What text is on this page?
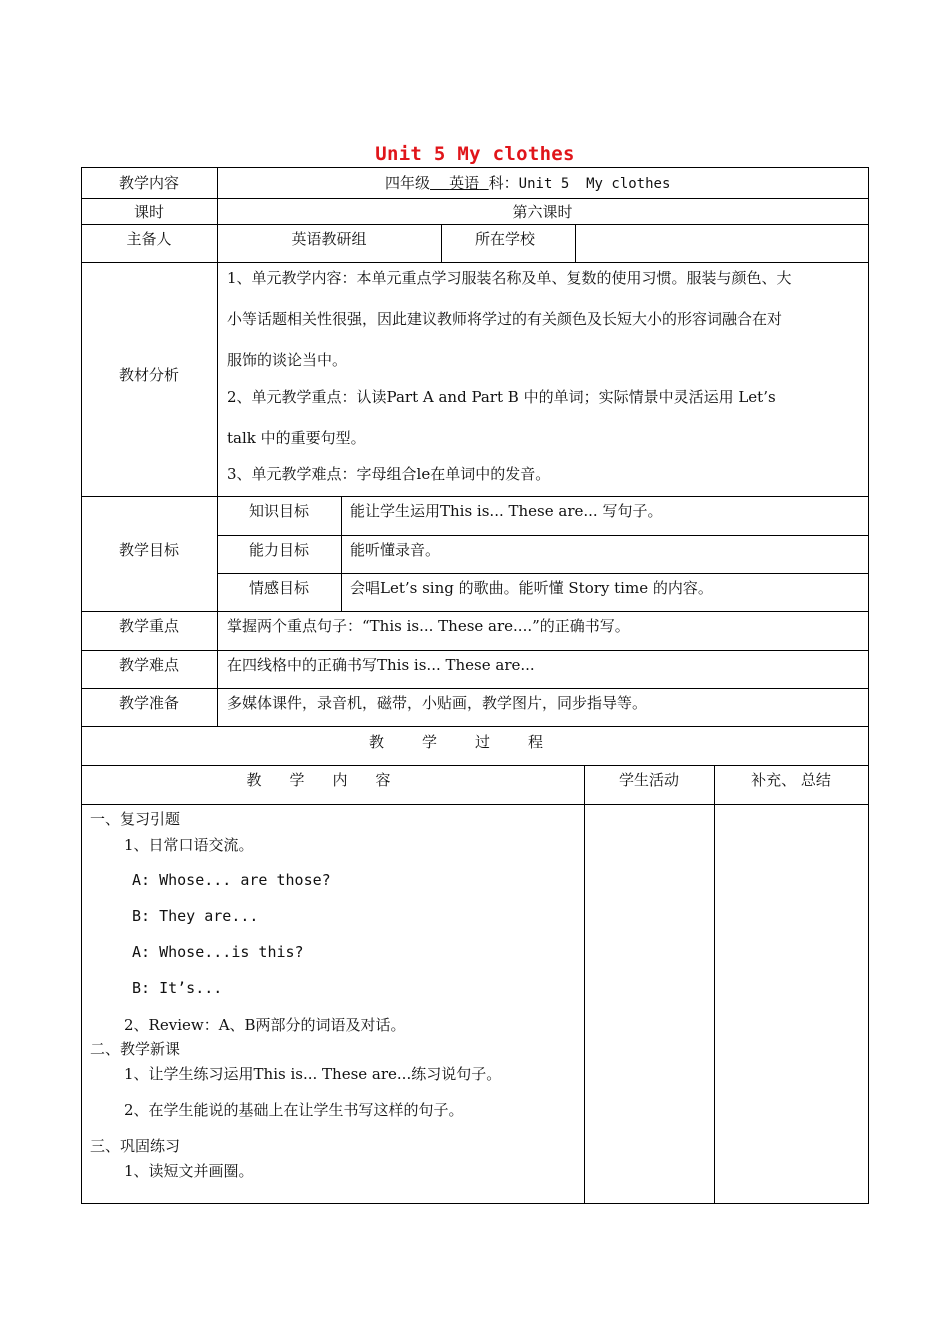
Unit 5 My clothes
教学内容	四年级 英语 科：Unit 5  My clothes
课时	第六课时
主备人	英语教研组	所在学校
教材分析
1、单元教学内容：本单元重点学习服装名称及单、复数的使用习惯。服装与颜色、大
小等话题相关性很强，因此建议教师将学过的有关颜色及长短大小的形容词融合在对
服饰的谈论当中。
2、单元教学重点：认读Part A and Part B 中的单词；实际情景中灵活运用 Let’s
talk 中的重要句型。
3、单元教学难点：字母组合le在单词中的发音。
教学目标
知识目标	能让学生运用This is... These are... 写句子。
能力目标	能听懂录音。
情感目标	会唱Let’s sing 的歌曲。能听懂 Story time 的内容。
教学重点	掌握两个重点句子：“This is... These are....”的正确书写。
教学难点	在四线格中的正确书写This is... These are...
教学准备	多媒体课件，录音机，磁带，小贴画，教学图片，同步指导等。
教学过程
教学内容	学生活动	补充、 总结
一、复习引题
1、日常口语交流。
A: Whose... are those?
B: They are...
A: Whose...is this?
B: It’s...
2、Review：A、B两部分的词语及对话。
二、教学新课
1、让学生练习运用This is... These are...练习说句子。
2、在学生能说的基础上在让学生书写这样的句子。
三、巩固练习
1、读短文并画圈。
